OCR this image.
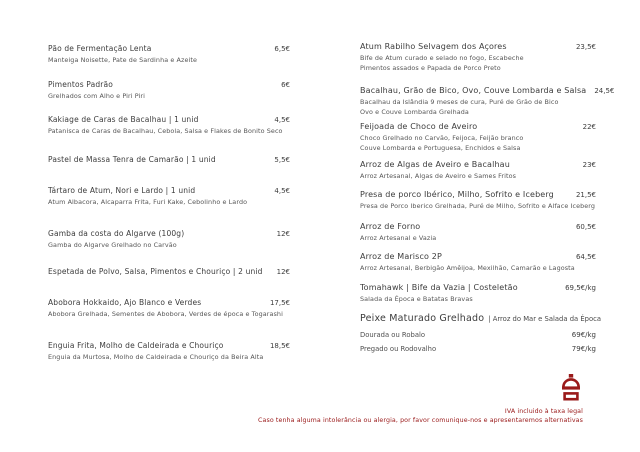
Pão de Fermentação Lenta	6,5€
Manteiga Noisette, Pate de Sardinha e Azeite
Pimentos Padrão	6€
Grelhados com Alho e Piri Piri
Kakiage de Caras de Bacalhau | 1 unid	4,5€
Patanisca de Caras de Bacalhau, Cebola, Salsa e Flakes de Bonito Seco
Pastel de Massa Tenra de Camarão | 1 unid	5,5€
Tártaro de Atum, Nori e Lardo | 1 unid	4,5€
Atum Albacora, Alcaparra Frita, Furi Kake, Cebolinho e Lardo
Gamba da costa do Algarve (100g)	12€
Gamba do Algarve Grelhado no Carvão
Espetada de Polvo, Salsa, Pimentos e Chouriço | 2 unid	12€
Abobora Hokkaido, Ajo Blanco e Verdes	17,5€
Abobora Grelhada, Sementes de Abobora, Verdes de época e Togarashi
Enguia Frita, Molho de Caldeirada e Chouriço	18,5€
Enguia da Murtosa, Molho de Caldeirada e Chouriço da Beira Alta
Atum Rabilho Selvagem dos Açores	23,5€
Bife de Atum curado e selado no fogo, Escabeche
Pimentos assados e Papada de Porco Preto
Bacalhau, Grão de Bico, Ovo, Couve Lombarda e Salsa	24,5€
Bacalhau da Islândia 9 meses de cura, Puré de Grão de Bico
Ovo e Couve Lombarda Grelhada
Feijoada de Choco de Aveiro	22€
Choco Grelhado no Carvão, Feijoca, Feijão branco
Couve Lombarda e Portuguesa, Enchidos e Salsa
Arroz de Algas de Aveiro e Bacalhau	23€
Arroz Artesanal, Algas de Aveiro e Sames Fritos
Presa de porco Ibérico, Milho, Sofrito e Iceberg	21,5€
Presa de Porco Iberico Grelhada, Puré de Milho, Sofrito e Alface Iceberg
Arroz de Forno	60,5€
Arroz Artesanal e Vazia
Arroz de Marisco 2P	64,5€
Arroz Artesanal, Berbigão Amêijoa, Mexilhão, Camarão e Lagosta
Tomahawk | Bife da Vazia | Costeletão	69,5€/kg
Salada da Época e Batatas Bravas
Peixe Maturado Grelhado | Arroz do Mar e Salada da Época
Dourada ou Robalo	69€/kg
Pregado ou Rodovalho	79€/kg
IVA incluido à taxa legal
Caso tenha alguma intolerância ou alergia, por favor comunique-nos e apresentaremos alternativas
